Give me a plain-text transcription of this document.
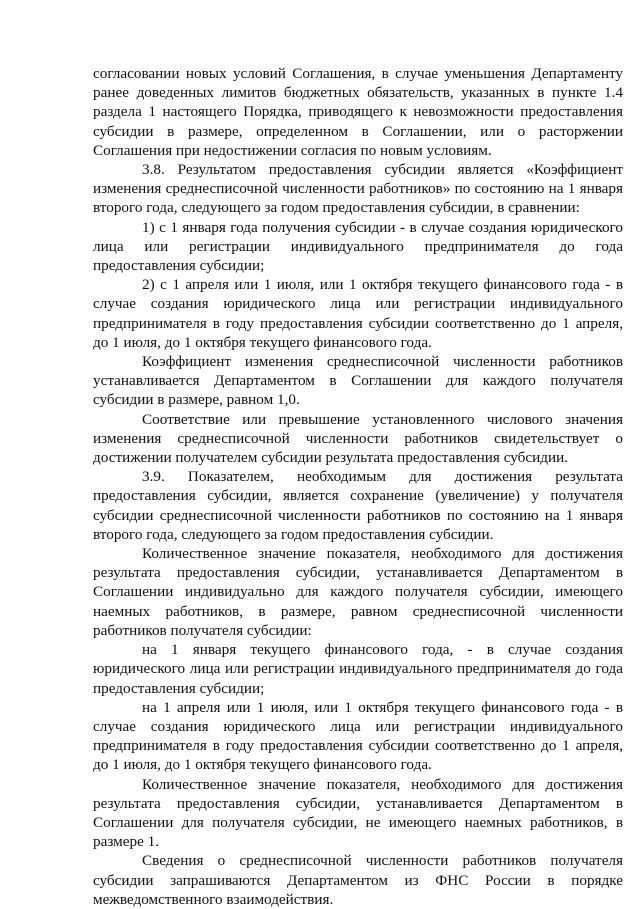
согласовании новых условий Соглашения, в случае уменьшения Департаменту ранее доведенных лимитов бюджетных обязательств, указанных в пункте 1.4 раздела 1 настоящего Порядка, приводящего к невозможности предоставления субсидии в размере, определенном в Соглашении, или о расторжении Соглашения при недостижении согласия по новым условиям.

3.8. Результатом предоставления субсидии является «Коэффициент изменения среднесписочной численности работников» по состоянию на 1 января второго года, следующего за годом предоставления субсидии, в сравнении:

1) с 1 января года получения субсидии - в случае создания юридического лица или регистрации индивидуального предпринимателя до года предоставления субсидии;

2) с 1 апреля или 1 июля, или 1 октября текущего финансового года - в случае создания юридического лица или регистрации индивидуального предпринимателя в году предоставления субсидии соответственно до 1 апреля, до 1 июля, до 1 октября текущего финансового года.

Коэффициент изменения среднесписочной численности работников устанавливается Департаментом в Соглашении для каждого получателя субсидии в размере, равном 1,0.

Соответствие или превышение установленного числового значения изменения среднесписочной численности работников свидетельствует о достижении получателем субсидии результата предоставления субсидии.

3.9. Показателем, необходимым для достижения результата предоставления субсидии, является сохранение (увеличение) у получателя субсидии среднесписочной численности работников по состоянию на 1 января второго года, следующего за годом предоставления субсидии.

Количественное значение показателя, необходимого для достижения результата предоставления субсидии, устанавливается Департаментом в Соглашении индивидуально для каждого получателя субсидии, имеющего наемных работников, в размере, равном среднесписочной численности работников получателя субсидии:

на 1 января текущего финансового года, - в случае создания юридического лица или регистрации индивидуального предпринимателя до года предоставления субсидии;

на 1 апреля или 1 июля, или 1 октября текущего финансового года - в случае создания юридического лица или регистрации индивидуального предпринимателя в году предоставления субсидии соответственно до 1 апреля, до 1 июля, до 1 октября текущего финансового года.

Количественное значение показателя, необходимого для достижения результата предоставления субсидии, устанавливается Департаментом в Соглашении для получателя субсидии, не имеющего наемных работников, в размере 1.

Сведения о среднесписочной численности работников получателя субсидии запрашиваются Департаментом из ФНС России в порядке межведомственного взаимодействия.
